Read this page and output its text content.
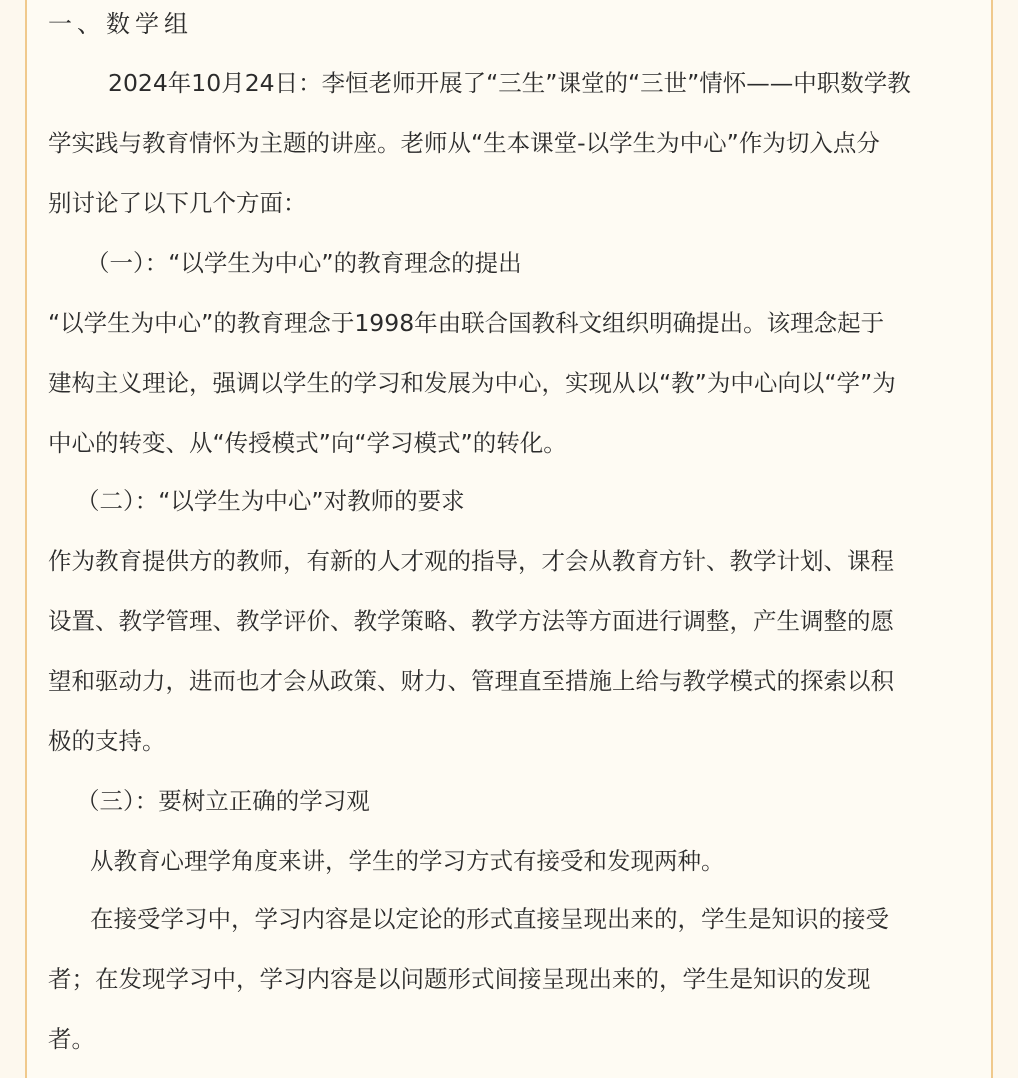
一、数学组
2024年10月24日：李恒老师开展了“三生”课堂的“三世”情怀——中职数学教
学实践与教育情怀为主题的讲座。老师从“生本课堂-以学生为中心”作为切入点分
别讨论了以下几个方面：
（一）：“以学生为中心”的教育理念的提出
“以学生为中心”的教育理念于1998年由联合国教科文组织明确提出。该理念起于
建构主义理论，强调以学生的学习和发展为中心，实现从以“教”为中心向以“学”为
中心的转变、从“传授模式”向“学习模式”的转化。
（二）：“以学生为中心”对教师的要求
作为教育提供方的教师，有新的人才观的指导，才会从教育方针、教学计划、课程
设置、教学管理、教学评价、教学策略、教学方法等方面进行调整，产生调整的愿
望和驱动力，进而也才会从政策、财力、管理直至措施上给与教学模式的探索以积
极的支持。
（三）：要树立正确的学习观
从教育心理学角度来讲，学生的学习方式有接受和发现两种。
在接受学习中，学习内容是以定论的形式直接呈现出来的，学生是知识的接受
者；在发现学习中，学习内容是以问题形式间接呈现出来的，学生是知识的发现
者。
